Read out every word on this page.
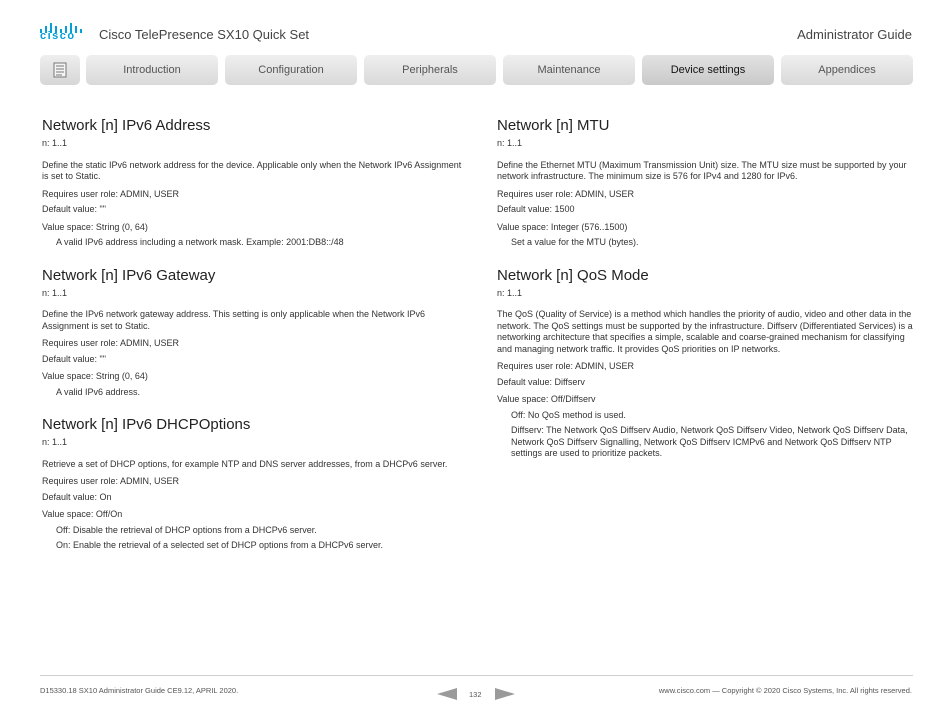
cisco Cisco TelePresence SX10 Quick Set	Administrator Guide
Introduction	Configuration	Peripherals	Maintenance	Device settings	Appendices
Network [n] IPv6 Address

n: 1..1

Define the static IPv6 network address for the device. Applicable only when the Network IPv6 Assignment is set to Static.

Requires user role: ADMIN, USER

Default value: ""

Value space: String (0, 64)

A valid IPv6 address including a network mask. Example: 2001:DB8::/48

Network [n] IPv6 Gateway

n: 1..1

Define the IPv6 network gateway address. This setting is only applicable when the Network IPv6 Assignment is set to Static.

Requires user role: ADMIN, USER

Default value: ""

Value space: String (0, 64)

A valid IPv6 address.

Network [n] IPv6 DHCPOptions

n: 1..1

Retrieve a set of DHCP options, for example NTP and DNS server addresses, from a DHCPv6 server.

Requires user role: ADMIN, USER

Default value: On

Value space: Off/On

Off: Disable the retrieval of DHCP options from a DHCPv6 server.

On: Enable the retrieval of a selected set of DHCP options from a DHCPv6 server.

Network [n] MTU

n: 1..1

Define the Ethernet MTU (Maximum Transmission Unit) size. The MTU size must be supported by your network infrastructure. The minimum size is 576 for IPv4 and 1280 for IPv6.

Requires user role: ADMIN, USER

Default value: 1500

Value space: Integer (576..1500)

Set a value for the MTU (bytes).

Network [n] QoS Mode

n: 1..1

The QoS (Quality of Service) is a method which handles the priority of audio, video and other data in the network. The QoS settings must be supported by the infrastructure. Diffserv (Differentiated Services) is a networking architecture that specifies a simple, scalable and coarse-grained mechanism for classifying and managing network traffic. It provides QoS priorities on IP networks.

Requires user role: ADMIN, USER

Default value: Diffserv

Value space: Off/Diffserv

Off: No QoS method is used.

Diffserv: The Network QoS Diffserv Audio, Network QoS Diffserv Video, Network QoS Diffserv Data, Network QoS Diffserv Signalling, Network QoS Diffserv ICMPv6 and Network QoS Diffserv NTP settings are used to prioritize packets.

D15330.18 SX10 Administrator Guide CE9.12, APRIL 2020.	132	www.cisco.com — Copyright © 2020 Cisco Systems, Inc. All rights reserved.
